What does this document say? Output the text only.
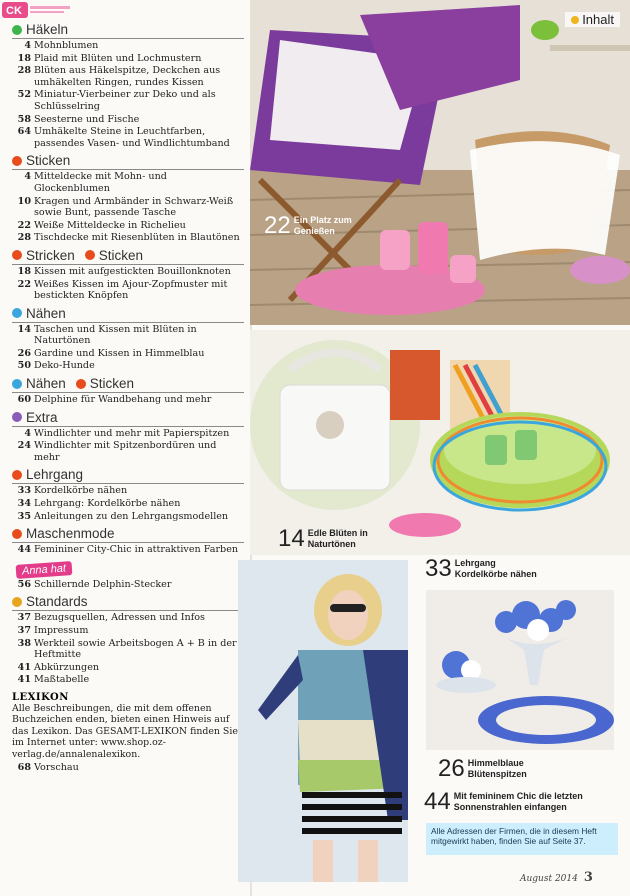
CK
Häkeln
4 Mohnblumen
18 Plaid mit Blüten und Lochmustern
28 Blüten aus Häkelspitze, Deckchen aus umhäkelten Ringen, rundes Kissen
52 Miniatur-Vierbeiner zur Deko und als Schlüsselring
58 Seesterne und Fische
64 Umhäkelte Steine in Leuchtfarben, passendes Vasen- und Windlichtumband
Sticken
4 Mitteldecke mit Mohn- und Glockenblumen
10 Kragen und Armbänder in Schwarz-Weiß sowie Bunt, passende Tasche
22 Weiße Mitteldecke in Richelieu
28 Tischdecke mit Riesenblüten in Blautönen
Stricken Sticken
18 Kissen mit aufgestickten Bouillonknoten
22 Weißes Kissen im Ajour-Zopfmuster mit bestickten Knöpfen
Nähen
14 Taschen und Kissen mit Blüten in Naturtönen
26 Gardine und Kissen in Himmelblau
50 Deko-Hunde
Nähen Sticken
60 Delphine für Wandbehang und mehr
Extra
4 Windlichter und mehr mit Papierspitzen
24 Windlichter mit Spitzenbordüren und mehr
Lehrgang
33 Kordelkörbe nähen
34 Lehrgang: Kordelkörbe nähen
35 Anleitungen zu den Lehrgangsmodellen
Maschenmode
44 Femininer City-Chic in attraktiven Farben
Anna hat
56 Schillernde Delphin-Stecker
Standards
37 Bezugsquellen, Adressen und Infos
37 Impressum
38 Werkteil sowie Arbeitsbogen A + B in der Heftmitte
41 Abkürzungen
41 Maßtabelle
LEXIKON
Alle Beschreibungen, die mit dem offenen Buchzeichen enden, bieten einen Hinweis auf das Lexikon. Das GESAMT-LEXIKON finden Sie im Internet unter: www.shop.oz-verlag.de/annalenalexikon.
68 Vorschau
Inhalt
22 Ein Platz zum Genießen
14 Edle Blüten in Naturtönen
33 Lehrgang Kordelkörbe nähen
26 Himmelblaue Blütenspitzen
44 Mit femininem Chic die letzten Sonnenstrahlen einfangen
Alle Adressen der Firmen, die in diesem Heft mitgewirkt haben, finden Sie auf Seite 37.
August 2014 3
